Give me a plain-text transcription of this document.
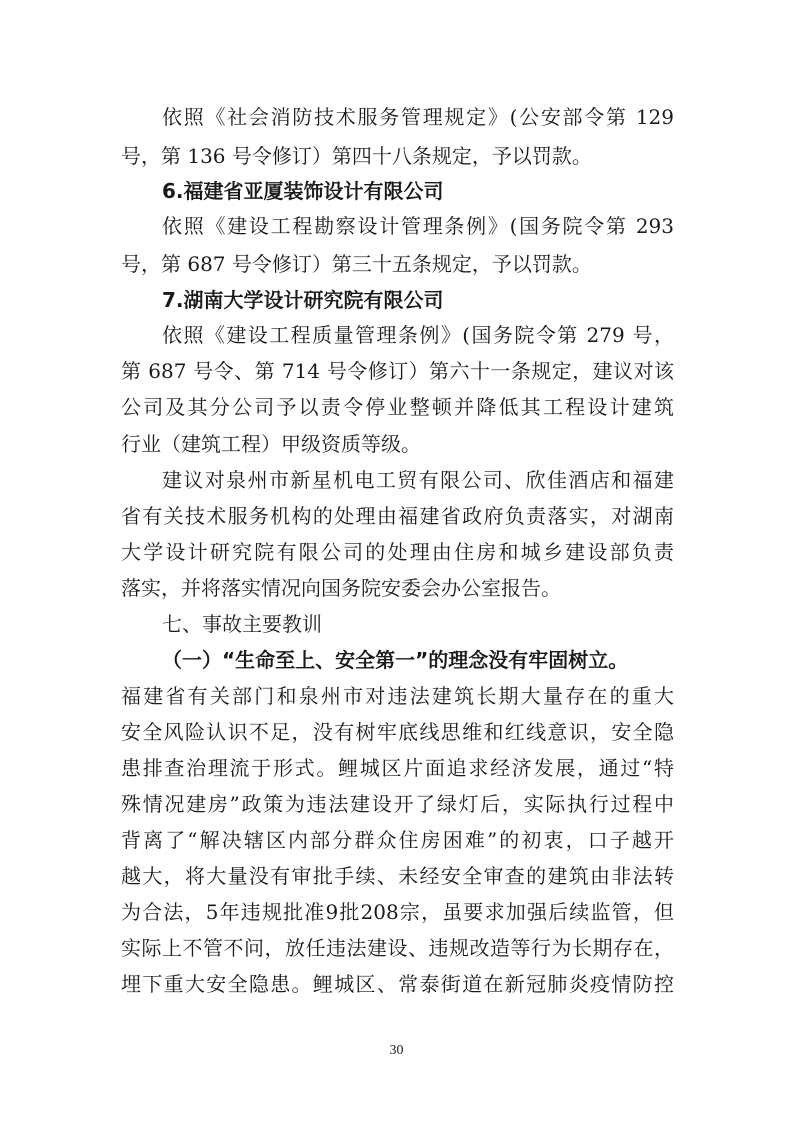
依照《社会消防技术服务管理规定》(公安部令第 129
号，第 136 号令修订）第四十八条规定，予以罚款。
6.福建省亚厦装饰设计有限公司
依照《建设工程勘察设计管理条例》(国务院令第 293
号，第 687 号令修订）第三十五条规定，予以罚款。
7.湖南大学设计研究院有限公司
依照《建设工程质量管理条例》(国务院令第 279 号，
第 687 号令、第 714 号令修订）第六十一条规定，建议对该
公司及其分公司予以责令停业整顿并降低其工程设计建筑
行业（建筑工程）甲级资质等级。
建议对泉州市新星机电工贸有限公司、欣佳酒店和福建
省有关技术服务机构的处理由福建省政府负责落实，对湖南
大学设计研究院有限公司的处理由住房和城乡建设部负责
落实，并将落实情况向国务院安委会办公室报告。
七、事故主要教训
（一）“生命至上、安全第一”的理念没有牢固树立。
福建省有关部门和泉州市对违法建筑长期大量存在的重大
安全风险认识不足，没有树牢底线思维和红线意识，安全隐
患排查治理流于形式。鲤城区片面追求经济发展，通过“特
殊情况建房”政策为违法建设开了绿灯后，实际执行过程中
背离了“解决辖区内部分群众住房困难”的初衷，口子越开
越大，将大量没有审批手续、未经安全审查的建筑由非法转
为合法，5年违规批准9批208宗，虽要求加强后续监管，但
实际上不管不问，放任违法建设、违规改造等行为长期存在，
埋下重大安全隐患。鲤城区、常泰街道在新冠肺炎疫情防控
30
